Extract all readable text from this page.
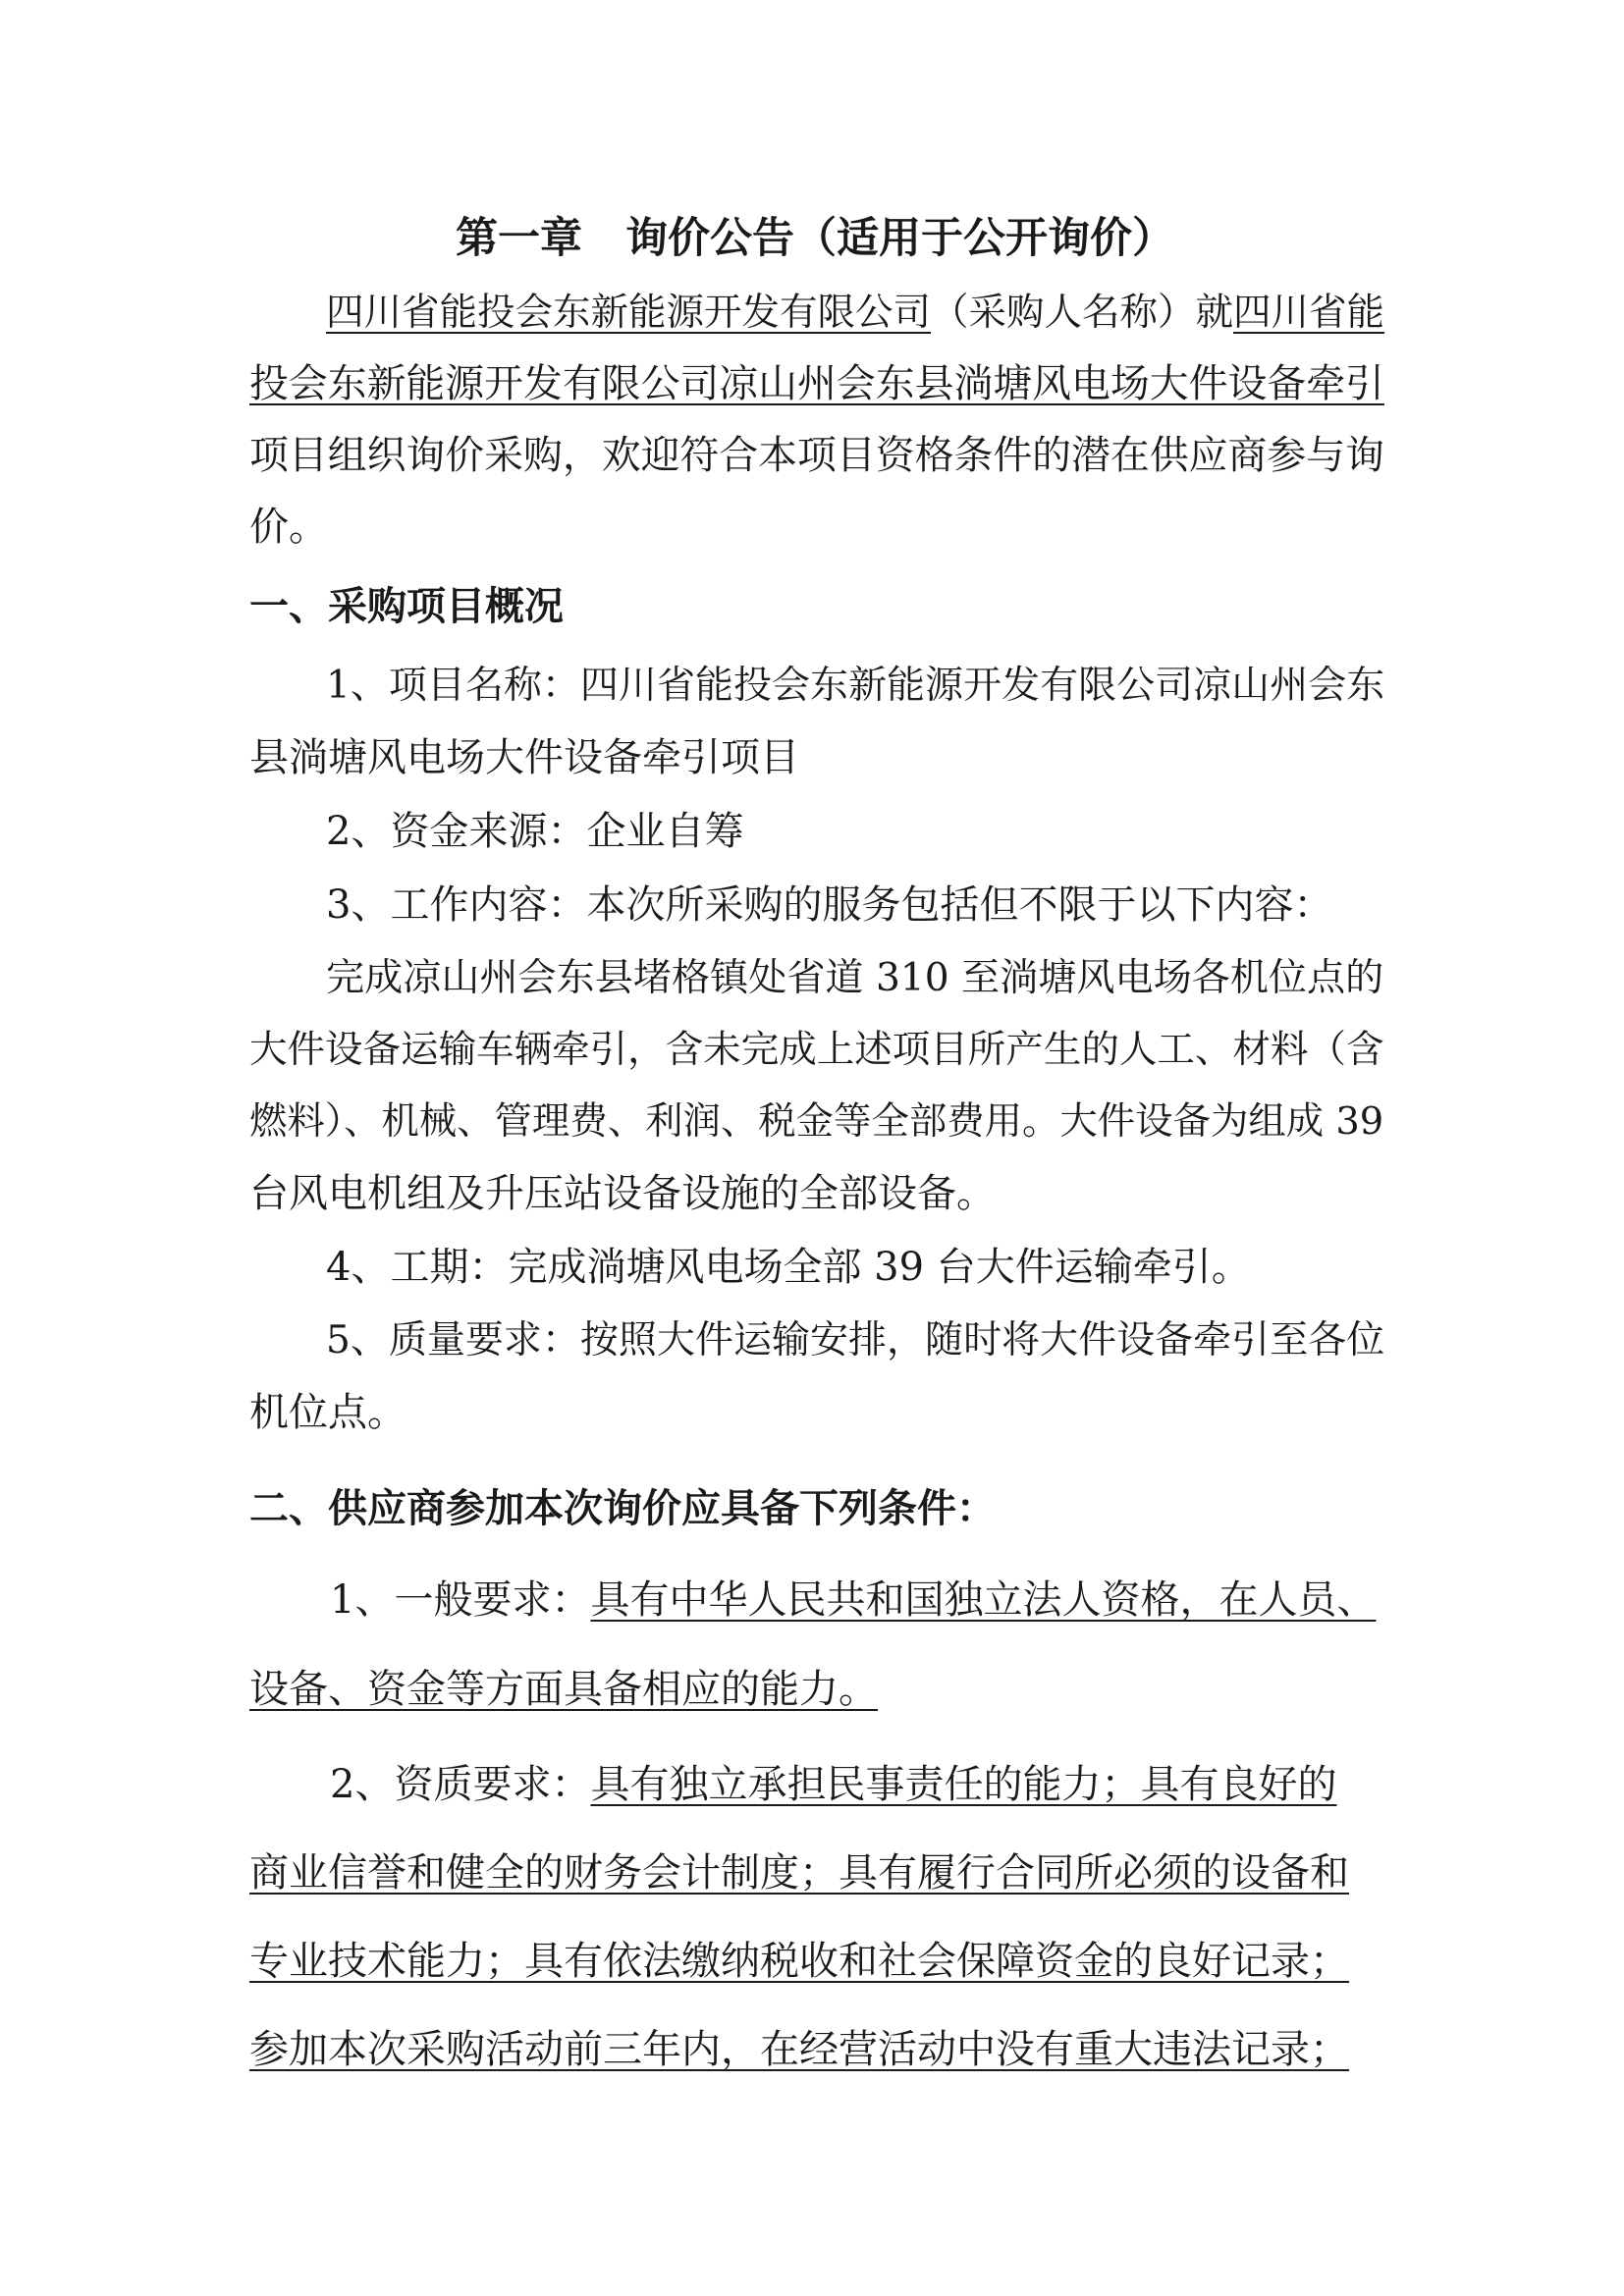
第一章 询价公告（适用于公开询价）
四川省能投会东新能源开发有限公司（采购人名称）就四川省能
投会东新能源开发有限公司凉山州会东县淌塘风电场大件设备牵引
项目组织询价采购，欢迎符合本项目资格条件的潜在供应商参与询
价。
一、采购项目概况
1、项目名称：四川省能投会东新能源开发有限公司凉山州会东
县淌塘风电场大件设备牵引项目
2、资金来源：企业自筹
3、工作内容：本次所采购的服务包括但不限于以下内容：
完成凉山州会东县堵格镇处省道 310 至淌塘风电场各机位点的
大件设备运输车辆牵引，含未完成上述项目所产生的人工、材料（含
燃料）、机械、管理费、利润、税金等全部费用。大件设备为组成 39
台风电机组及升压站设备设施的全部设备。
4、工期：完成淌塘风电场全部 39 台大件运输牵引。
5、质量要求：按照大件运输安排，随时将大件设备牵引至各位
机位点。
二、供应商参加本次询价应具备下列条件：
1、一般要求：具有中华人民共和国独立法人资格，在人员、
设备、资金等方面具备相应的能力。
2、资质要求：具有独立承担民事责任的能力；具有良好的
商业信誉和健全的财务会计制度；具有履行合同所必须的设备和
专业技术能力；具有依法缴纳税收和社会保障资金的良好记录；
参加本次采购活动前三年内，在经营活动中没有重大违法记录；
